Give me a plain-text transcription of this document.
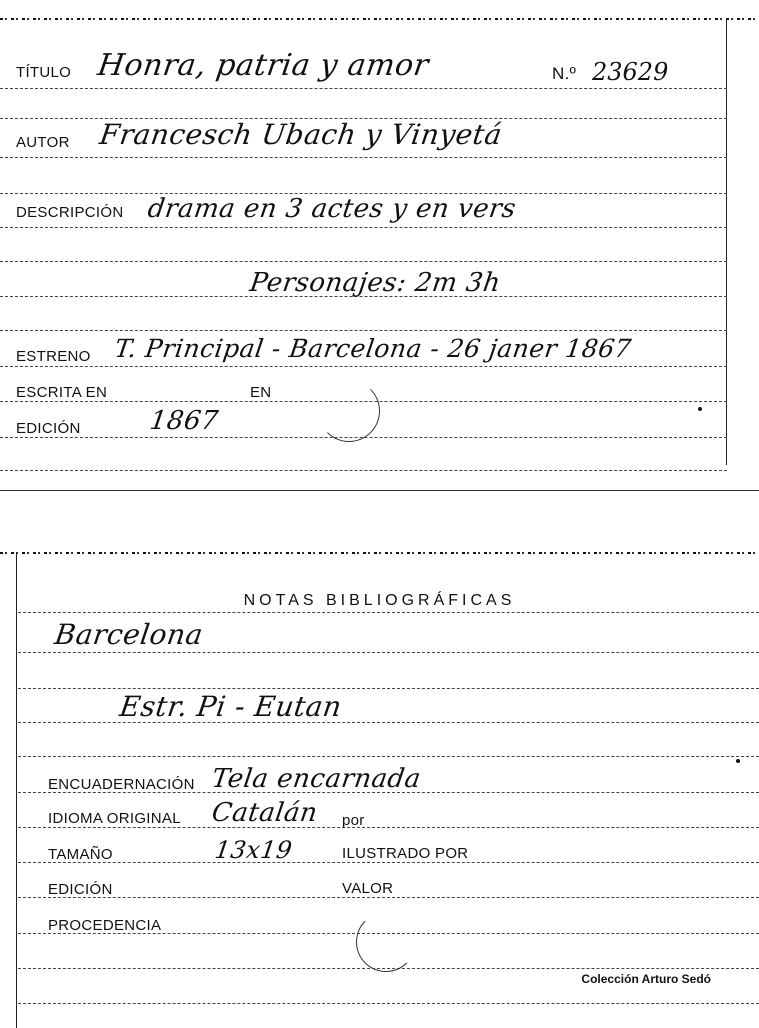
TÍTULO Honra, patria y amor	N.º 23629
AUTOR Francesch Ubach y Vinyetá
DESCRIPCIÓN drama en 3 actes y en vers
Personajes: 2m 3h
ESTRENO T. Principal - Barcelona - 26 janer 1867
ESCRITA EN	EN
EDICIÓN	1867
NOTAS BIBLIOGRÁFICAS
Barcelona
Estr. Pi - Eutan
ENCUADERNACIÓN Tela encarnada
IDIOMA ORIGINAL Catalán por
TAMAÑO	13x19	ILUSTRADO POR
EDICIÓN	VALOR
PROCEDENCIA
Colección Arturo Sedó
